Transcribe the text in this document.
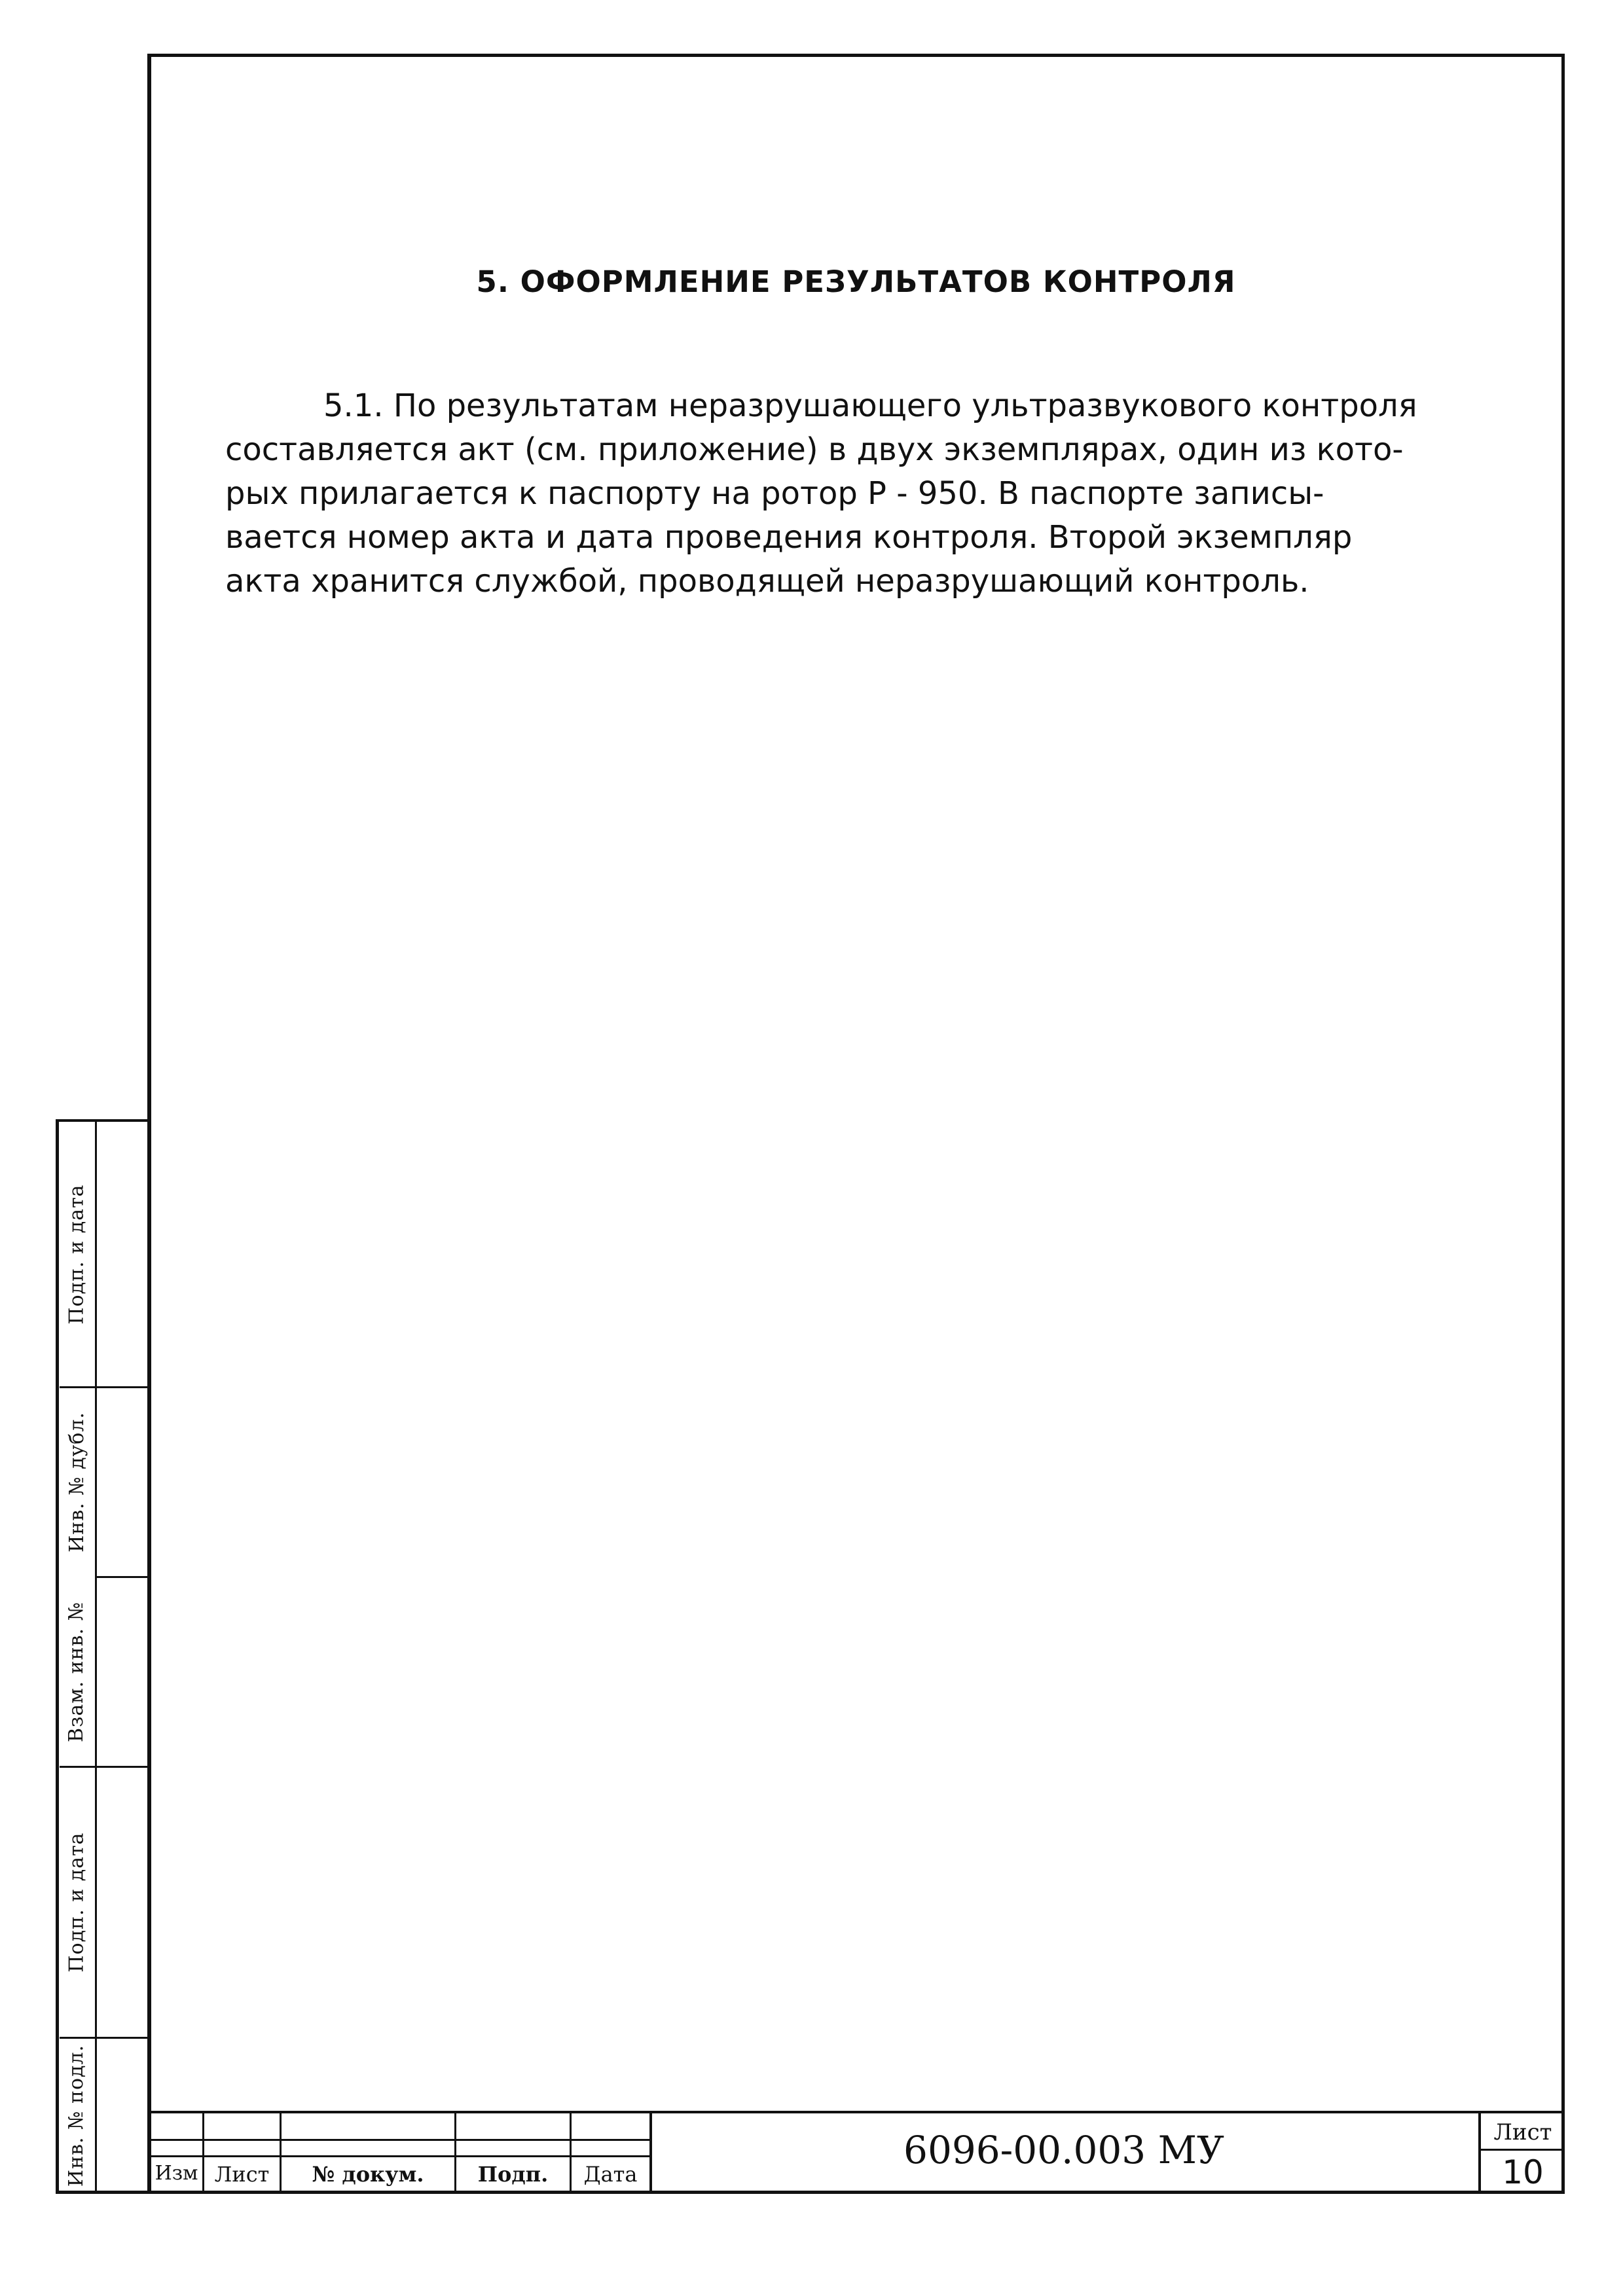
5. ОФОРМЛЕНИЕ РЕЗУЛЬТАТОВ КОНТРОЛЯ
5.1. По результатам неразрушающего ультразвукового контроля
составляется акт (см. приложение) в двух экземплярах, один из кото-
рых прилагается к паспорту на ротор Р - 950. В паспорте записы-
вается номер акта и дата проведения контроля. Второй экземпляр
акта хранится службой, проводящей неразрушающий контроль.
Подп. и дата
Инв. № дубл.
Взам. инв. №
Подп. и дата
Инв. № подл.	Изм Лист	№ докум.	Подп.	Дата
6096-00.003 МУ	Лист
10
